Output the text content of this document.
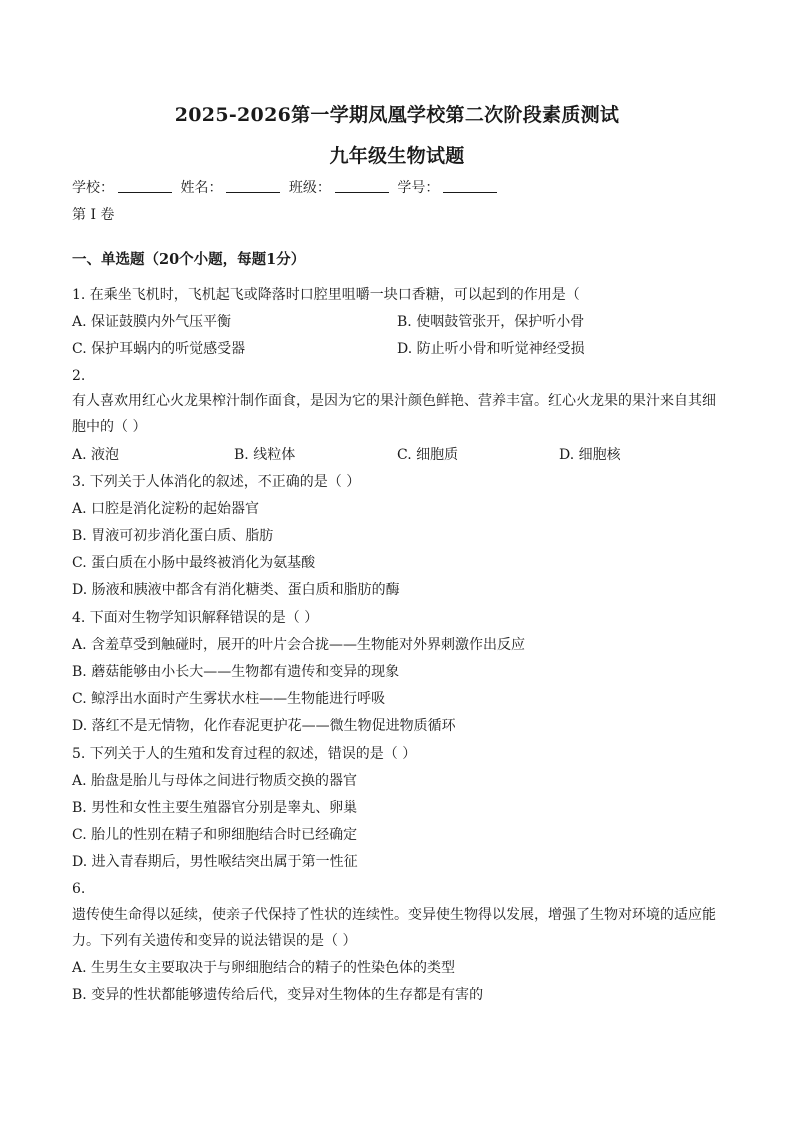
2025-2026第一学期凤凰学校第二次阶段素质测试
九年级生物试题
学校：	姓名：	班级：	学号：
第 I 卷
一、单选题（20个小题，每题1分）
1. 在乘坐飞机时，飞机起飞或降落时口腔里咀嚼一块口香糖，可以起到的作用是（
A. 保证鼓膜内外气压平衡	B. 使咽鼓管张开，保护听小骨
C. 保护耳蜗内的听觉感受器	D. 防止听小骨和听觉神经受损
2.
有人喜欢用红心火龙果榨汁制作面食，是因为它的果汁颜色鲜艳、营养丰富。红心火龙果的果汁来自其细
胞中的（ ）
A. 液泡	B. 线粒体	C. 细胞质	D. 细胞核
3. 下列关于人体消化的叙述，不正确的是（ ）
A. 口腔是消化淀粉的起始器官
B. 胃液可初步消化蛋白质、脂肪
C. 蛋白质在小肠中最终被消化为氨基酸
D. 肠液和胰液中都含有消化糖类、蛋白质和脂肪的酶
4. 下面对生物学知识解释错误的是（ ）
A. 含羞草受到触碰时，展开的叶片会合拢——生物能对外界刺激作出反应
B. 蘑菇能够由小长大——生物都有遗传和变异的现象
C. 鲸浮出水面时产生雾状水柱——生物能进行呼吸
D. 落红不是无情物，化作春泥更护花——微生物促进物质循环
5. 下列关于人的生殖和发育过程的叙述，错误的是（ ）
A. 胎盘是胎儿与母体之间进行物质交换的器官
B. 男性和女性主要生殖器官分别是睾丸、卵巢
C. 胎儿的性别在精子和卵细胞结合时已经确定
D. 进入青春期后，男性喉结突出属于第一性征
6.
遗传使生命得以延续，使亲子代保持了性状的连续性。变异使生物得以发展，增强了生物对环境的适应能
力。下列有关遗传和变异的说法错误的是（ ）
A. 生男生女主要取决于与卵细胞结合的精子的性染色体的类型
B. 变异的性状都能够遗传给后代，变异对生物体的生存都是有害的
